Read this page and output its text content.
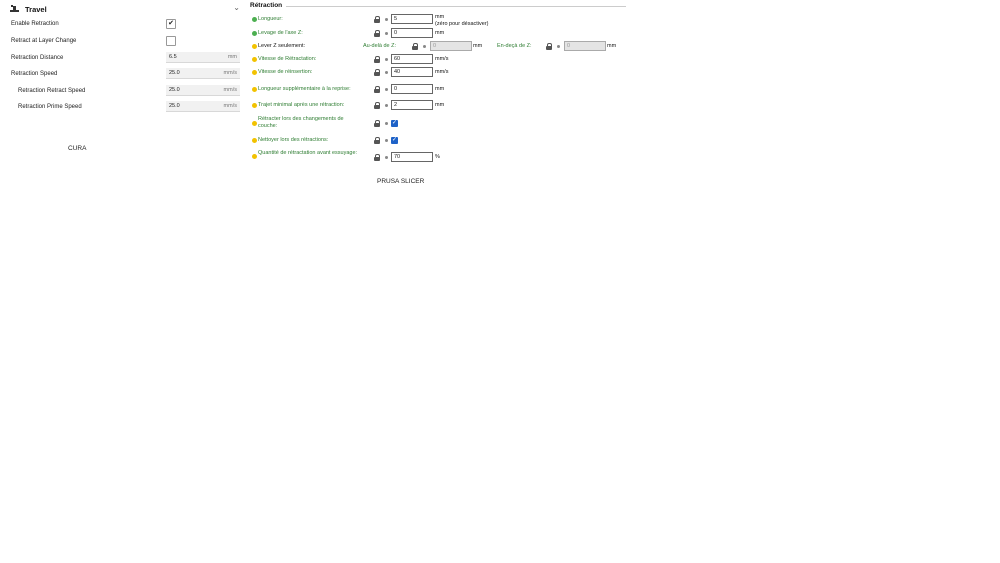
Travel	⌄
Enable Retraction	✔
Retract at Layer Change
Retraction Distance	6.5	mm
Retraction Speed	25.0	mm/s
Retraction Retract Speed	25.0	mm/s
Retraction Prime Speed	25.0	mm/s
CURA
Rétraction
Longueur:	5	mm
(zéro pour désactiver)
Levage de l'axe Z:	0	mm
Lever Z seulement:	Au-delà de Z:	0	mm	En-deçà de Z:	0	mm
Vitesse de Rétractation:	60	mm/s
Vitesse de réinsertion:	40	mm/s
Longueur supplémentaire à la reprise:	0	mm
Trajet minimal après une rétraction:	2	mm
Rétracter lors des changements de couche:	✓
Nettoyer lors des rétractions:	✓
Quantité de rétractation avant essuyage:
70	%
PRUSA SLICER
